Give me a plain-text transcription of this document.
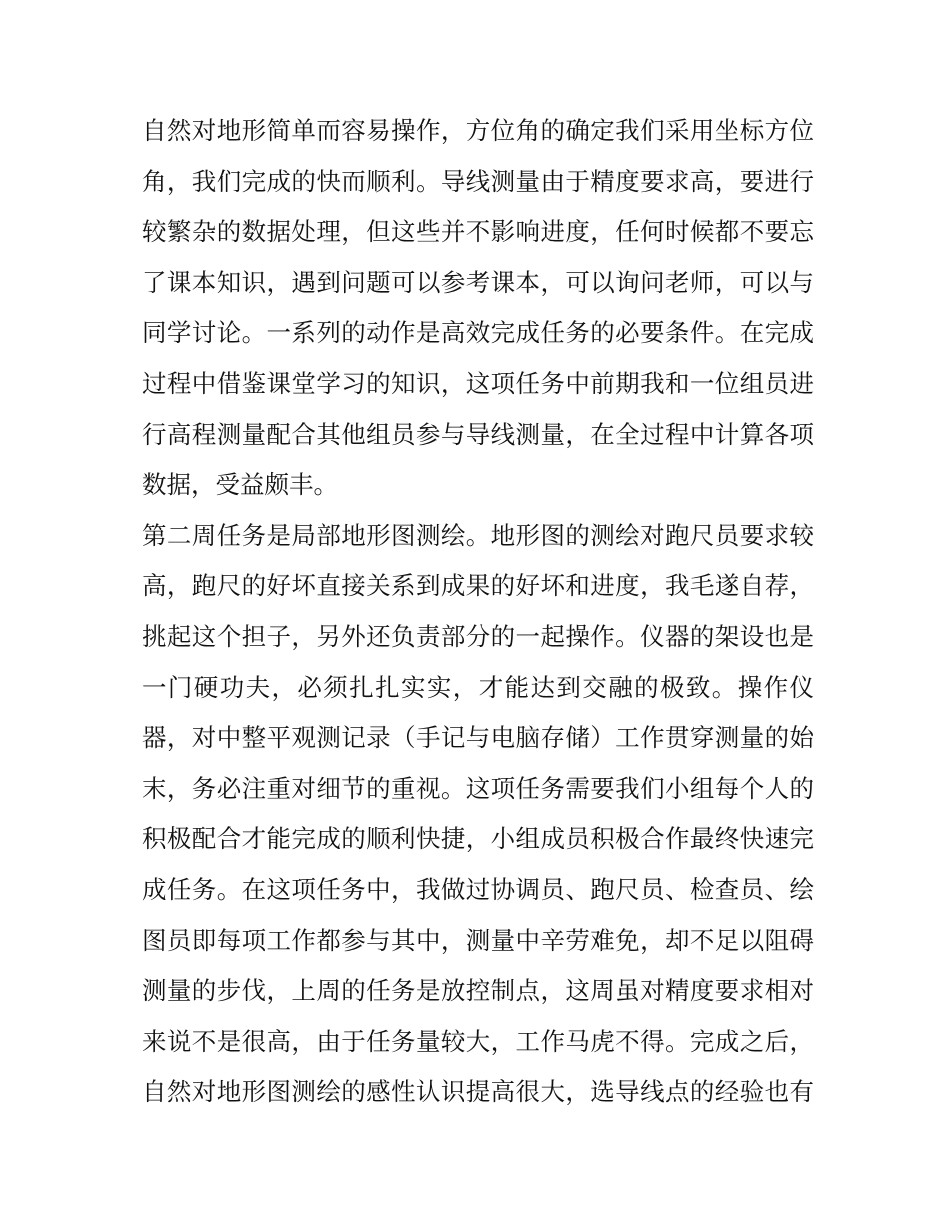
自然对地形简单而容易操作，方位角的确定我们采用坐标方位
角，我们完成的快而顺利。导线测量由于精度要求高，要进行
较繁杂的数据处理，但这些并不影响进度，任何时候都不要忘
了课本知识，遇到问题可以参考课本，可以询问老师，可以与
同学讨论。一系列的动作是高效完成任务的必要条件。在完成
过程中借鉴课堂学习的知识，这项任务中前期我和一位组员进
行高程测量配合其他组员参与导线测量，在全过程中计算各项
数据，受益颇丰。
第二周任务是局部地形图测绘。地形图的测绘对跑尺员要求较
高，跑尺的好坏直接关系到成果的好坏和进度，我毛遂自荐，
挑起这个担子，另外还负责部分的一起操作。仪器的架设也是
一门硬功夫，必须扎扎实实，才能达到交融的极致。操作仪
器，对中整平观测记录（手记与电脑存储）工作贯穿测量的始
末，务必注重对细节的重视。这项任务需要我们小组每个人的
积极配合才能完成的顺利快捷，小组成员积极合作最终快速完
成任务。在这项任务中，我做过协调员、跑尺员、检查员、绘
图员即每项工作都参与其中，测量中辛劳难免，却不足以阻碍
测量的步伐，上周的任务是放控制点，这周虽对精度要求相对
来说不是很高，由于任务量较大，工作马虎不得。完成之后，
自然对地形图测绘的感性认识提高很大，选导线点的经验也有
